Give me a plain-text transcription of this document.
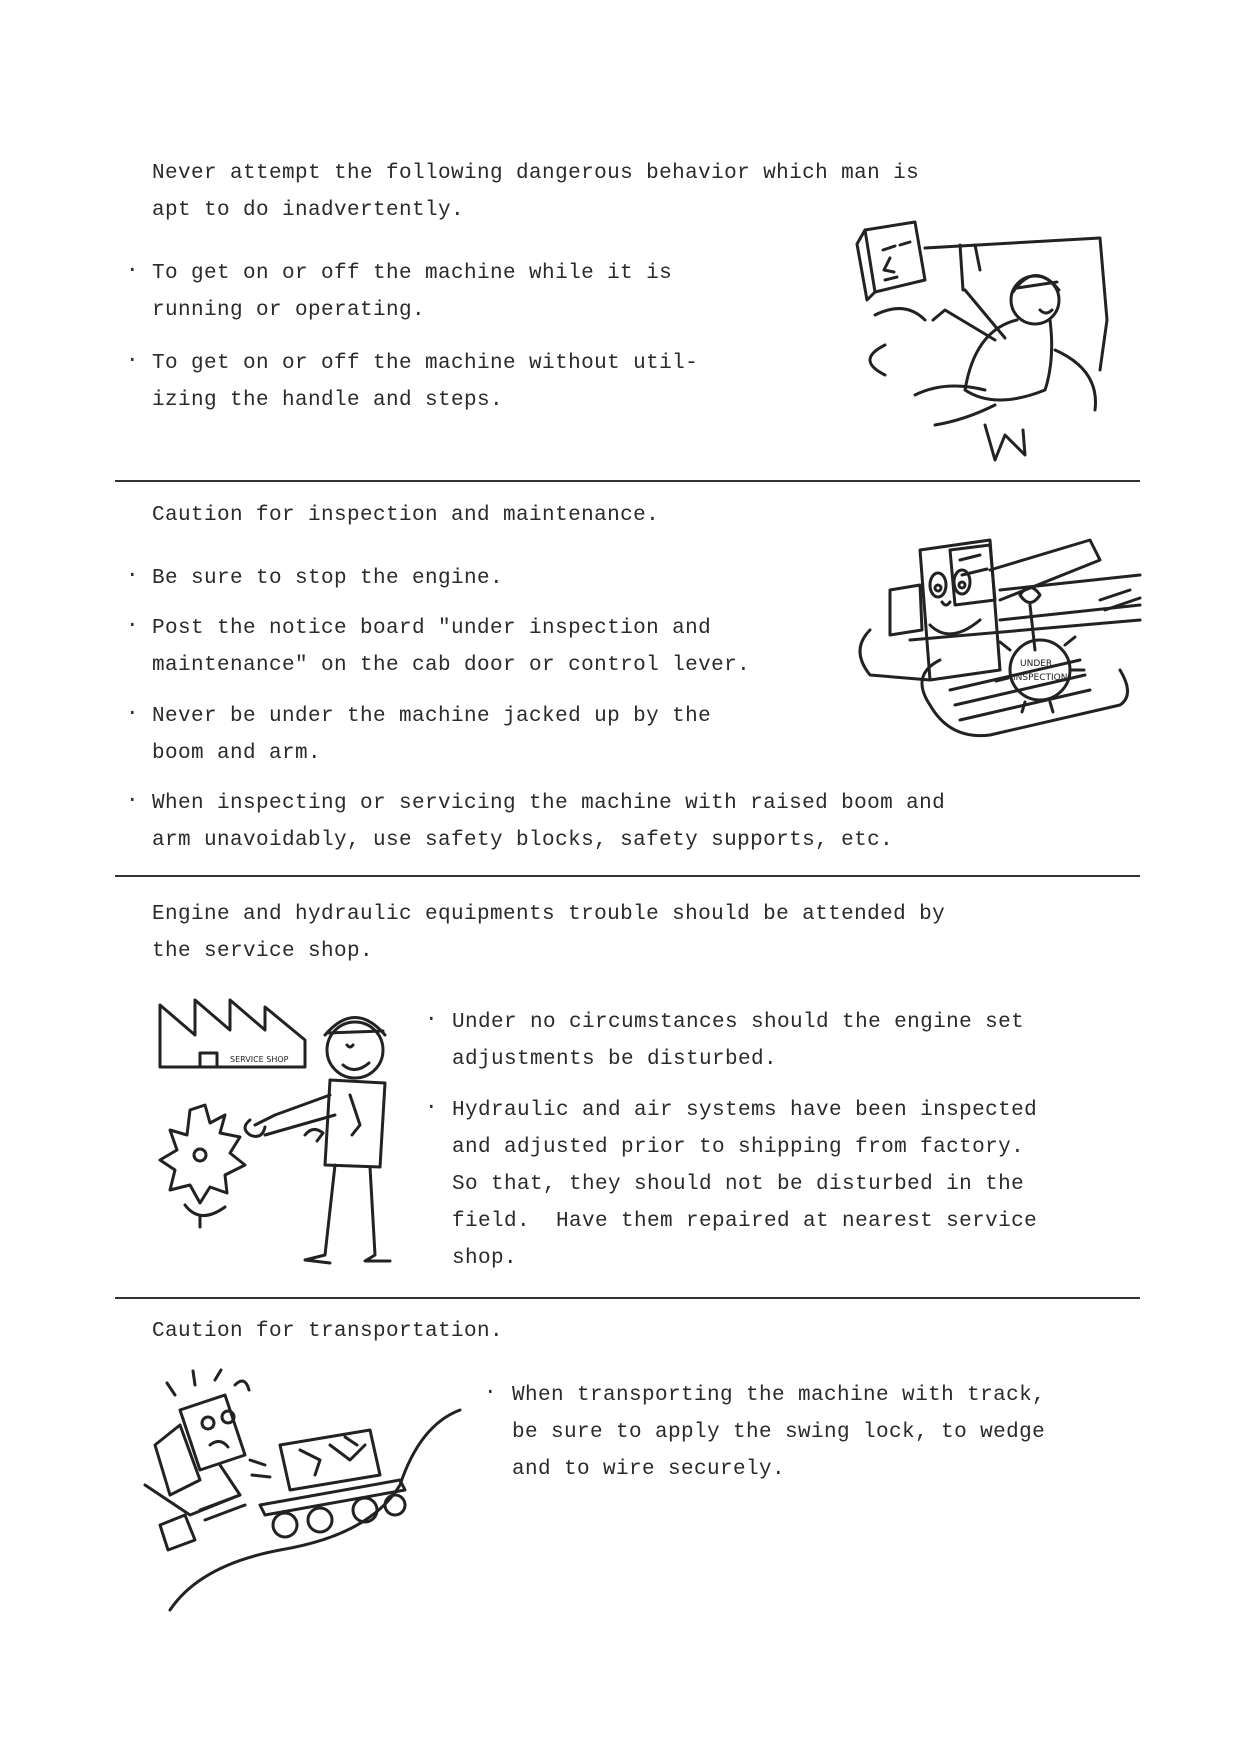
Never attempt the following dangerous behavior which man is
apt to do inadvertently.
. To get on or off the machine while it is
running or operating.
. To get on or off the machine without util-
izing the handle and steps.
Caution for inspection and maintenance.
. Be sure to stop the engine.
. Post the notice board "under inspection and
maintenance" on the cab door or control lever.
. Never be under the machine jacked up by the
boom and arm.
. When inspecting or servicing the machine with raised boom and
arm unavoidably, use safety blocks, safety supports, etc.
UNDER
INSPECTION
Engine and hydraulic equipments trouble should be attended by
the service shop.
. Under no circumstances should the engine set
adjustments be disturbed.
. Hydraulic and air systems have been inspected
and adjusted prior to shipping from factory.
So that, they should not be disturbed in the
field.  Have them repaired at nearest service
shop.
SERVICE SHOP
Caution for transportation.
. When transporting the machine with track,
be sure to apply the swing lock, to wedge
and to wire securely.
